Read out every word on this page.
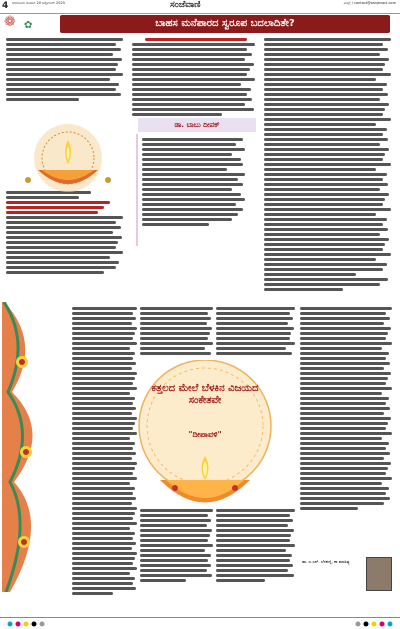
4 ಬೆಂಗಳೂರು ಶನಿವಾರ 20 ಅಕ್ಟೋಬರ್ 2025	ಸಂಜೆವಾಣಿ	ಮಿಲ್ಸ್‌ / contact@sanjevani.com
❁ ✿	ಬಾಹಸ ಮನೆಪಾರದ ಸ್ವರೂಪ ಬದಲಾದಿತೇ?
ಡಾ. ಬಾಬು ದೀಪಕ್
ಕತ್ತಲದ ಮೇಲೆ ಬೆಳಕಿನ ವಿಜಯದ ಸಂಕೇತವೇ
"ದೀಪಾವಳಿ"
ಡಾ. ಎ.ಎಸ್. ಬೆಳಕುಳ್ಳಿ, ಶಾ ಮಾಹಿತ್ಯ
